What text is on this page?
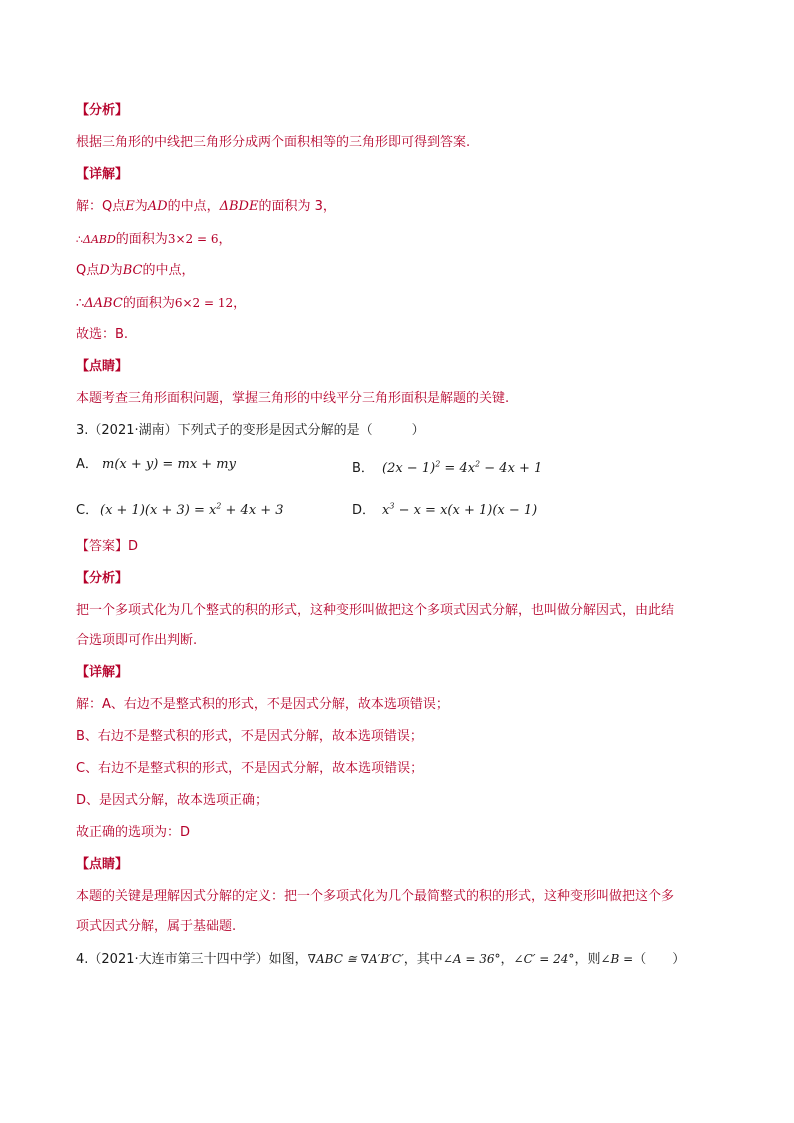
【分析】
根据三角形的中线把三角形分成两个面积相等的三角形即可得到答案.
【详解】
解：Q点E为AD的中点，ΔBDE的面积为 3，
∴ΔABD的面积为3×2 = 6，
Q点D为BC的中点，
∴ΔABC的面积为6×2 = 12，
故选：B.
【点睛】
本题考查三角形面积问题，掌握三角形的中线平分三角形面积是解题的关键.
3.（2021·湖南）下列式子的变形是因式分解的是（　　　）
A． m(x + y) = mx + my	B． $(2x - 1)^2 = 4x^2 - 4x + 1$
C． $(x + 1)(x + 3) = x^2 + 4x + 3$	D． $x^3 - x = x(x + 1)(x - 1)$
【答案】D
【分析】
把一个多项式化为几个整式的积的形式，这种变形叫做把这个多项式因式分解，也叫做分解因式，由此结
合选项即可作出判断.
【详解】
解：A、右边不是整式积的形式，不是因式分解，故本选项错误；
B、右边不是整式积的形式，不是因式分解，故本选项错误；
C、右边不是整式积的形式，不是因式分解，故本选项错误；
D、是因式分解，故本选项正确；
故正确的选项为：D
【点睛】
本题的关键是理解因式分解的定义：把一个多项式化为几个最简整式的积的形式，这种变形叫做把这个多
项式因式分解，属于基础题.
4.（2021·大连市第三十四中学）如图，∇ABC ≅ ∇A′B′C′，其中∠A = 36°，∠C′ = 24°，则∠B =（　　）
